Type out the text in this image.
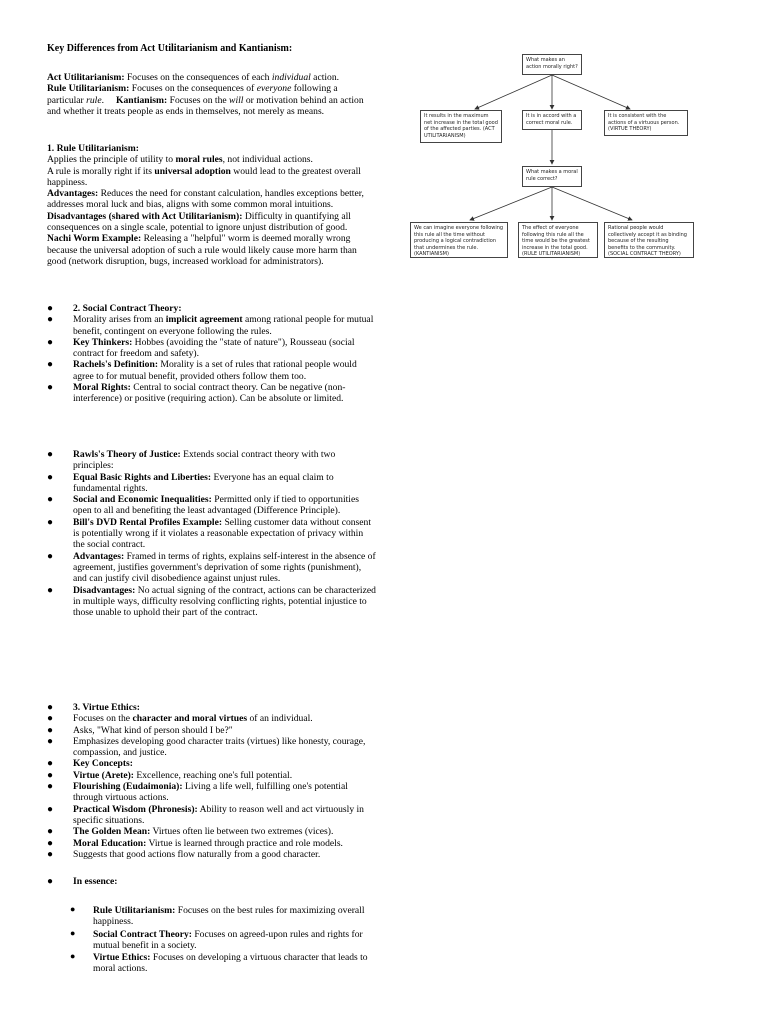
Key Differences from Act Utilitarianism and Kantianism:
Act Utilitarianism: Focuses on the consequences of each individual action.
Rule Utilitarianism: Focuses on the consequences of everyone following a particular rule. Kantianism: Focuses on the will or motivation behind an action and whether it treats people as ends in themselves, not merely as means.
1. Rule Utilitarianism:
Applies the principle of utility to moral rules, not individual actions.
A rule is morally right if its universal adoption would lead to the greatest overall happiness.
Advantages: Reduces the need for constant calculation, handles exceptions better, addresses moral luck and bias, aligns with some common moral intuitions.
Disadvantages (shared with Act Utilitarianism): Difficulty in quantifying all consequences on a single scale, potential to ignore unjust distribution of good.
Nachi Worm Example: Releasing a "helpful" worm is deemed morally wrong because the universal adoption of such a rule would likely cause more harm than good (network disruption, bugs, increased workload for administrators).
● 2. Social Contract Theory:
● Morality arises from an implicit agreement among rational people for mutual benefit, contingent on everyone following the rules.
● Key Thinkers: Hobbes (avoiding the "state of nature"), Rousseau (social contract for freedom and safety).
● Rachels's Definition: Morality is a set of rules that rational people would agree to for mutual benefit, provided others follow them too.
● Moral Rights: Central to social contract theory. Can be negative (non-interference) or positive (requiring action). Can be absolute or limited.
● Rawls's Theory of Justice: Extends social contract theory with two principles:
● Equal Basic Rights and Liberties: Everyone has an equal claim to fundamental rights.
● Social and Economic Inequalities: Permitted only if tied to opportunities open to all and benefiting the least advantaged (Difference Principle).
● Bill's DVD Rental Profiles Example: Selling customer data without consent is potentially wrong if it violates a reasonable expectation of privacy within the social contract.
● Advantages: Framed in terms of rights, explains self-interest in the absence of agreement, justifies government's deprivation of some rights (punishment), and can justify civil disobedience against unjust rules.
● Disadvantages: No actual signing of the contract, actions can be characterized in multiple ways, difficulty resolving conflicting rights, potential injustice to those unable to uphold their part of the contract.
● 3. Virtue Ethics:
● Focuses on the character and moral virtues of an individual.
● Asks, "What kind of person should I be?"
● Emphasizes developing good character traits (virtues) like honesty, courage, compassion, and justice.
● Key Concepts:
● Virtue (Arete): Excellence, reaching one's full potential.
● Flourishing (Eudaimonia): Living a life well, fulfilling one's potential through virtuous actions.
● Practical Wisdom (Phronesis): Ability to reason well and act virtuously in specific situations.
● The Golden Mean: Virtues often lie between two extremes (vices).
● Moral Education: Virtue is learned through practice and role models.
● Suggests that good actions flow naturally from a good character.
● In essence:
● Rule Utilitarianism: Focuses on the best rules for maximizing overall happiness.
● Social Contract Theory: Focuses on agreed-upon rules and rights for mutual benefit in a society.
● Virtue Ethics: Focuses on developing a virtuous character that leads to moral actions.
What makes an action morally right?
It results in the maximum net increase in the total good of the affected parties. (ACT UTILITARIANISM)
It is in accord with a correct moral rule.
It is consistent with the actions of a virtuous person. (VIRTUE THEORY)
What makes a moral rule correct?
We can imagine everyone following this rule all the time without producing a logical contradiction that undermines the rule. (KANTIANISM)
The effect of everyone following this rule all the time would be the greatest increase in the total good. (RULE UTILITARIANISM)
Rational people would collectively accept it as binding because of the resulting benefits to the community. (SOCIAL CONTRACT THEORY)
